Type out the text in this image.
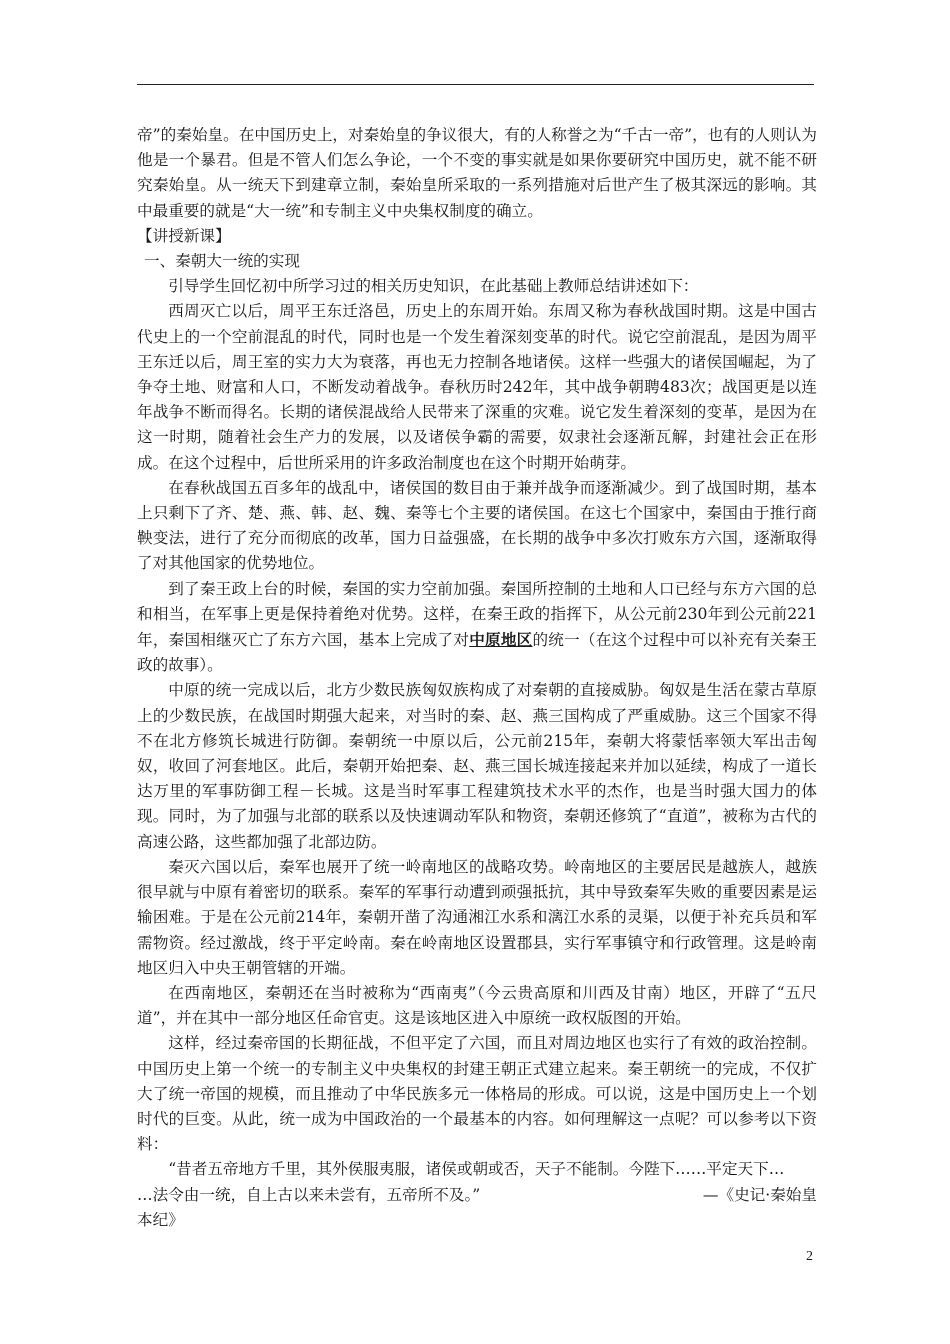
帝”的秦始皇。在中国历史上，对秦始皇的争议很大，有的人称誉之为“千古一帝”，也有的人则认为他是一个暴君。但是不管人们怎么争论，一个不变的事实就是如果你要研究中国历史，就不能不研究秦始皇。从一统天下到建章立制，秦始皇所采取的一系列措施对后世产生了极其深远的影响。其中最重要的就是“大一统”和专制主义中央集权制度的确立。

【讲授新课】

一、秦朝大一统的实现

引导学生回忆初中所学习过的相关历史知识，在此基础上教师总结讲述如下：

西周灭亡以后，周平王东迁洛邑，历史上的东周开始。东周又称为春秋战国时期。这是中国古代史上的一个空前混乱的时代，同时也是一个发生着深刻变革的时代。说它空前混乱，是因为周平王东迁以后，周王室的实力大为衰落，再也无力控制各地诸侯。这样一些强大的诸侯国崛起，为了争夺土地、财富和人口，不断发动着战争。春秋历时242年，其中战争朝聘483次；战国更是以连年战争不断而得名。长期的诸侯混战给人民带来了深重的灾难。说它发生着深刻的变革，是因为在这一时期，随着社会生产力的发展，以及诸侯争霸的需要，奴隶社会逐渐瓦解，封建社会正在形成。在这个过程中，后世所采用的许多政治制度也在这个时期开始萌芽。

在春秋战国五百多年的战乱中，诸侯国的数目由于兼并战争而逐渐减少。到了战国时期，基本上只剩下了齐、楚、燕、韩、赵、魏、秦等七个主要的诸侯国。在这七个国家中，秦国由于推行商鞅变法，进行了充分而彻底的改革，国力日益强盛，在长期的战争中多次打败东方六国，逐渐取得了对其他国家的优势地位。

到了秦王政上台的时候，秦国的实力空前加强。秦国所控制的土地和人口已经与东方六国的总和相当，在军事上更是保持着绝对优势。这样，在秦王政的指挥下，从公元前230年到公元前221年，秦国相继灭亡了东方六国，基本上完成了对中原地区的统一（在这个过程中可以补充有关秦王政的故事）。

中原的统一完成以后，北方少数民族匈奴族构成了对秦朝的直接威胁。匈奴是生活在蒙古草原上的少数民族，在战国时期强大起来，对当时的秦、赵、燕三国构成了严重威胁。这三个国家不得不在北方修筑长城进行防御。秦朝统一中原以后，公元前215年，秦朝大将蒙恬率领大军出击匈奴，收回了河套地区。此后，秦朝开始把秦、赵、燕三国长城连接起来并加以延续，构成了一道长达万里的军事防御工程－长城。这是当时军事工程建筑技术水平的杰作，也是当时强大国力的体现。同时，为了加强与北部的联系以及快速调动军队和物资，秦朝还修筑了“直道”，被称为古代的高速公路，这些都加强了北部边防。

秦灭六国以后，秦军也展开了统一岭南地区的战略攻势。岭南地区的主要居民是越族人，越族很早就与中原有着密切的联系。秦军的军事行动遭到顽强抵抗，其中导致秦军失败的重要因素是运输困难。于是在公元前214年，秦朝开凿了沟通湘江水系和漓江水系的灵渠，以便于补充兵员和军需物资。经过激战，终于平定岭南。秦在岭南地区设置郡县，实行军事镇守和行政管理。这是岭南地区归入中央王朝管辖的开端。

在西南地区，秦朝还在当时被称为“西南夷”（今云贵高原和川西及甘南）地区，开辟了“五尺道”，并在其中一部分地区任命官吏。这是该地区进入中原统一政权版图的开始。

这样，经过秦帝国的长期征战，不但平定了六国，而且对周边地区也实行了有效的政治控制。中国历史上第一个统一的专制主义中央集权的封建王朝正式建立起来。秦王朝统一的完成，不仅扩大了统一帝国的规模，而且推动了中华民族多元一体格局的形成。可以说，这是中国历史上一个划时代的巨变。从此，统一成为中国政治的一个最基本的内容。如何理解这一点呢？可以参考以下资料：

“昔者五帝地方千里，其外侯服夷服，诸侯或朝或否，天子不能制。今陛下……平定天下…

…法令由一统，自上古以来未尝有，五帝所不及。”	—《史记·秦始皇

本纪》

2
